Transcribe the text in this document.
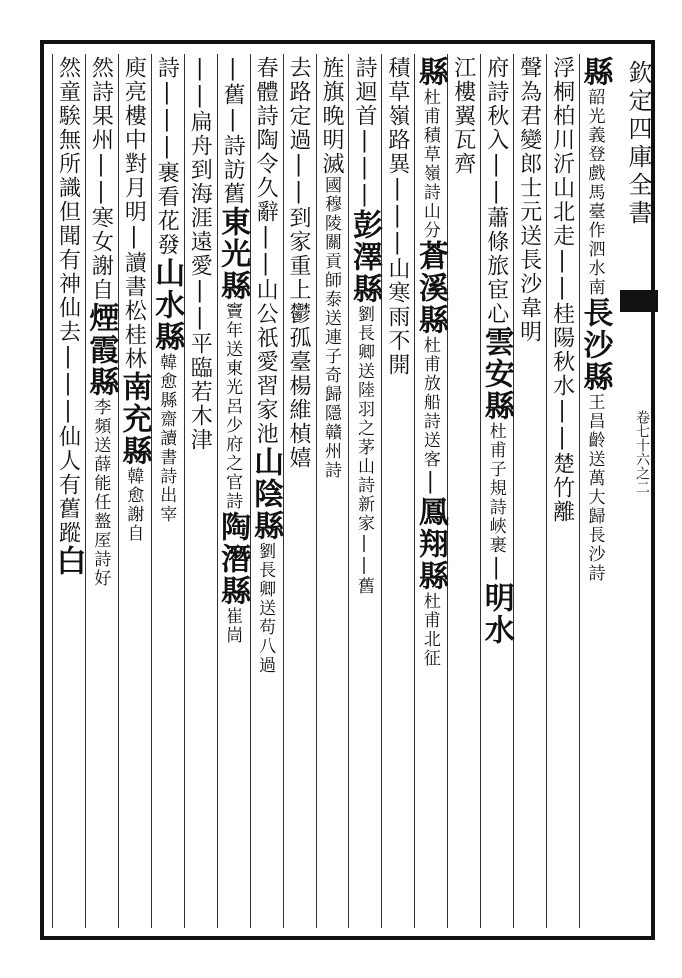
欽定四庫全書
卷七十六之二
縣韶光義登戲馬臺作泗水南長沙縣王昌齡送萬大歸長沙詩
浮桐柏川沂山北走||桂陽秋水||楚竹離
聲為君變郎士元送長沙韋明
府詩秋入||蕭條旅宦心雲安縣杜甫子規詩峽裹|明水
江樓翼瓦齊
縣杜甫積草嶺詩山分蒼溪縣杜甫放船詩送客|鳳翔縣杜甫北征
積草嶺路異|||山寒雨不開
詩迴首|||彭澤縣劉長卿送陸羽之茅山詩新家||舊
旌旗晚明滅國穆陵關貢師泰送連子奇歸隱贛州詩
去路定過||到家重上鬱孤臺楊維楨嬉
春體詩陶令久辭||山公祇愛習家池山陰縣劉長卿送苟八過
|舊|詩訪舊東光縣竇年送東光呂少府之官詩陶潛縣崔峝
||扁舟到海涯遠愛||平臨若木津
詩|||裹看花發山水縣韓愈縣齋讀書詩出宰
庾亮樓中對月明|讀書松桂林南充縣韓愈謝自
然詩果州||寒女謝自煙霞縣李頻送薛能任盩厔詩好
然童騃無所識但聞有神仙去|||仙人有舊蹤白
